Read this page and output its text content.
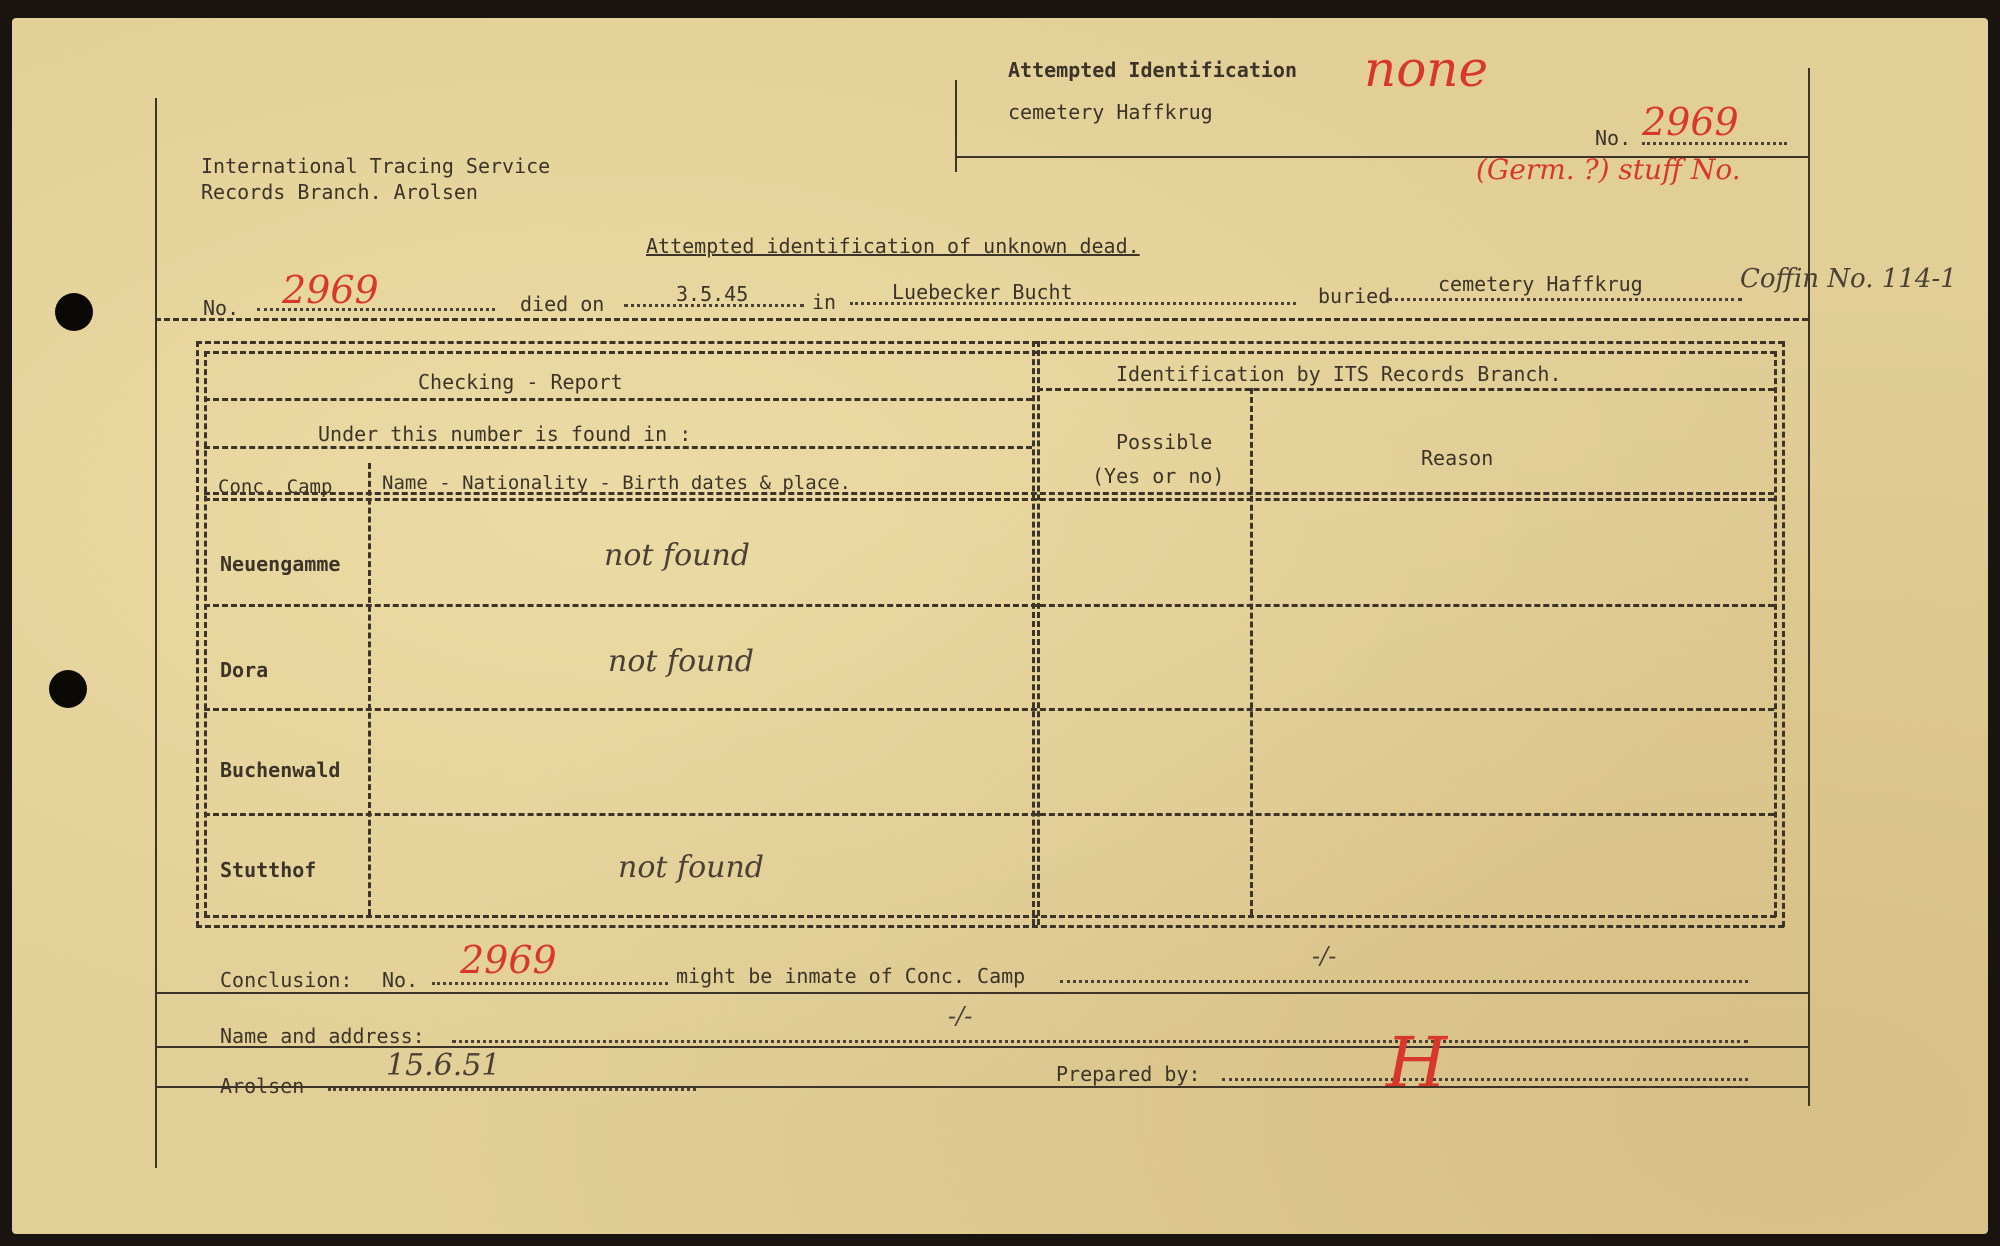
Attempted Identification
cemetery Haffkrug
none
No. 2969
(Germ. ?) stuff No.
International Tracing Service
Records Branch. Arolsen
Attempted identification of unknown dead.
No. 2969	died on	3.5.45	in	Luebecker Bucht	buried cemetery Haffkrug	Coffin No. 114-1
Checking - Report	Identification by ITS Records Branch.
Under this number is found in :
Conc. Camp	Name - Nationality - Birth dates & place.
Possible
(Yes or no)
Reason
Neuengamme	not found
Dora	not found
Buchenwald
Stutthof	not found
Conclusion: No. 2969	might be inmate of Conc. Camp
-/-
Name and address:
-/-
Arolsen
15.6.51	Prepared by:	H
